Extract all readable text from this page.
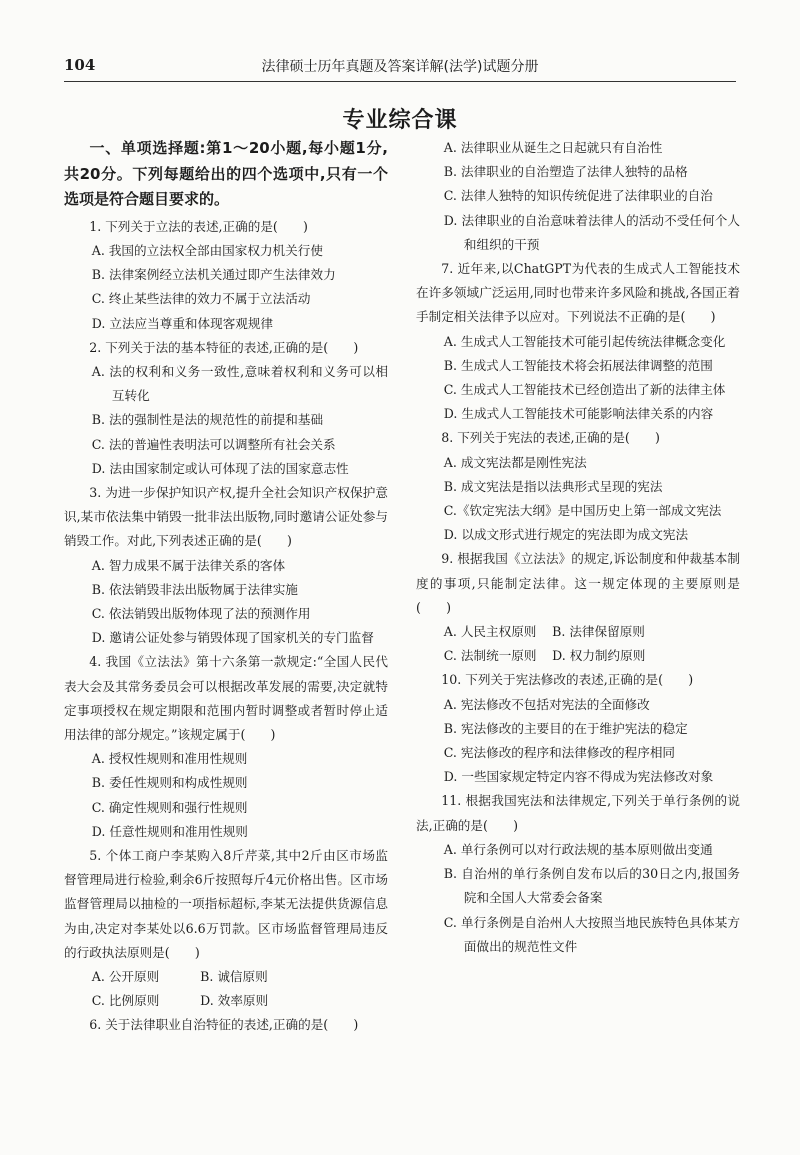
104	法律硕士历年真题及答案详解(法学)试题分册
专业综合课

一、单项选择题:第1～20小题,每小题1分,共20分。下列每题给出的四个选项中,只有一个选项是符合题目要求的。

1. 下列关于立法的表述,正确的是(　　)

A. 我国的立法权全部由国家权力机关行使

B. 法律案例经立法机关通过即产生法律效力

C. 终止某些法律的效力不属于立法活动

D. 立法应当尊重和体现客观规律

2. 下列关于法的基本特征的表述,正确的是(　　)

A. 法的权利和义务一致性,意味着权利和义务可以相互转化

B. 法的强制性是法的规范性的前提和基础

C. 法的普遍性表明法可以调整所有社会关系

D. 法由国家制定或认可体现了法的国家意志性

3. 为进一步保护知识产权,提升全社会知识产权保护意识,某市依法集中销毁一批非法出版物,同时邀请公证处参与销毁工作。对此,下列表述正确的是(　　)

A. 智力成果不属于法律关系的客体

B. 依法销毁非法出版物属于法律实施

C. 依法销毁出版物体现了法的预测作用

D. 邀请公证处参与销毁体现了国家机关的专门监督

4. 我国《立法法》第十六条第一款规定:“全国人民代表大会及其常务委员会可以根据改革发展的需要,决定就特定事项授权在规定期限和范围内暂时调整或者暂时停止适用法律的部分规定。”该规定属于(　　)

A. 授权性规则和准用性规则

B. 委任性规则和构成性规则

C. 确定性规则和强行性规则

D. 任意性规则和准用性规则

5. 个体工商户李某购入8斤芹菜,其中2斤由区市场监督管理局进行检验,剩余6斤按照每斤4元价格出售。区市场监督管理局以抽检的一项指标超标,李某无法提供货源信息为由,决定对李某处以6.6万罚款。区市场监督管理局违反的行政执法原则是(　　)

A. 公开原则	B. 诚信原则
C. 比例原则	D. 效率原则

6. 关于法律职业自治特征的表述,正确的是(　　)

A. 法律职业从诞生之日起就只有自治性

B. 法律职业的自治塑造了法律人独特的品格

C. 法律人独特的知识传统促进了法律职业的自治

D. 法律职业的自治意味着法律人的活动不受任何个人和组织的干预

7. 近年来,以ChatGPT为代表的生成式人工智能技术在许多领域广泛运用,同时也带来许多风险和挑战,各国正着手制定相关法律予以应对。下列说法不正确的是(　　)

A. 生成式人工智能技术可能引起传统法律概念变化

B. 生成式人工智能技术将会拓展法律调整的范围

C. 生成式人工智能技术已经创造出了新的法律主体

D. 生成式人工智能技术可能影响法律关系的内容

8. 下列关于宪法的表述,正确的是(　　)

A. 成文宪法都是刚性宪法

B. 成文宪法是指以法典形式呈现的宪法

C.《钦定宪法大纲》是中国历史上第一部成文宪法

D. 以成文形式进行规定的宪法即为成文宪法

9. 根据我国《立法法》的规定,诉讼制度和仲裁基本制度的事项,只能制定法律。这一规定体现的主要原则是(　　)

A. 人民主权原则	B. 法律保留原则
C. 法制统一原则	D. 权力制约原则

10. 下列关于宪法修改的表述,正确的是(　　)

A. 宪法修改不包括对宪法的全面修改

B. 宪法修改的主要目的在于维护宪法的稳定

C. 宪法修改的程序和法律修改的程序相同

D. 一些国家规定特定内容不得成为宪法修改对象

11. 根据我国宪法和法律规定,下列关于单行条例的说法,正确的是(　　)

A. 单行条例可以对行政法规的基本原则做出变通

B. 自治州的单行条例自发布以后的30日之内,报国务院和全国人大常委会备案

C. 单行条例是自治州人大按照当地民族特色具体某方面做出的规范性文件
